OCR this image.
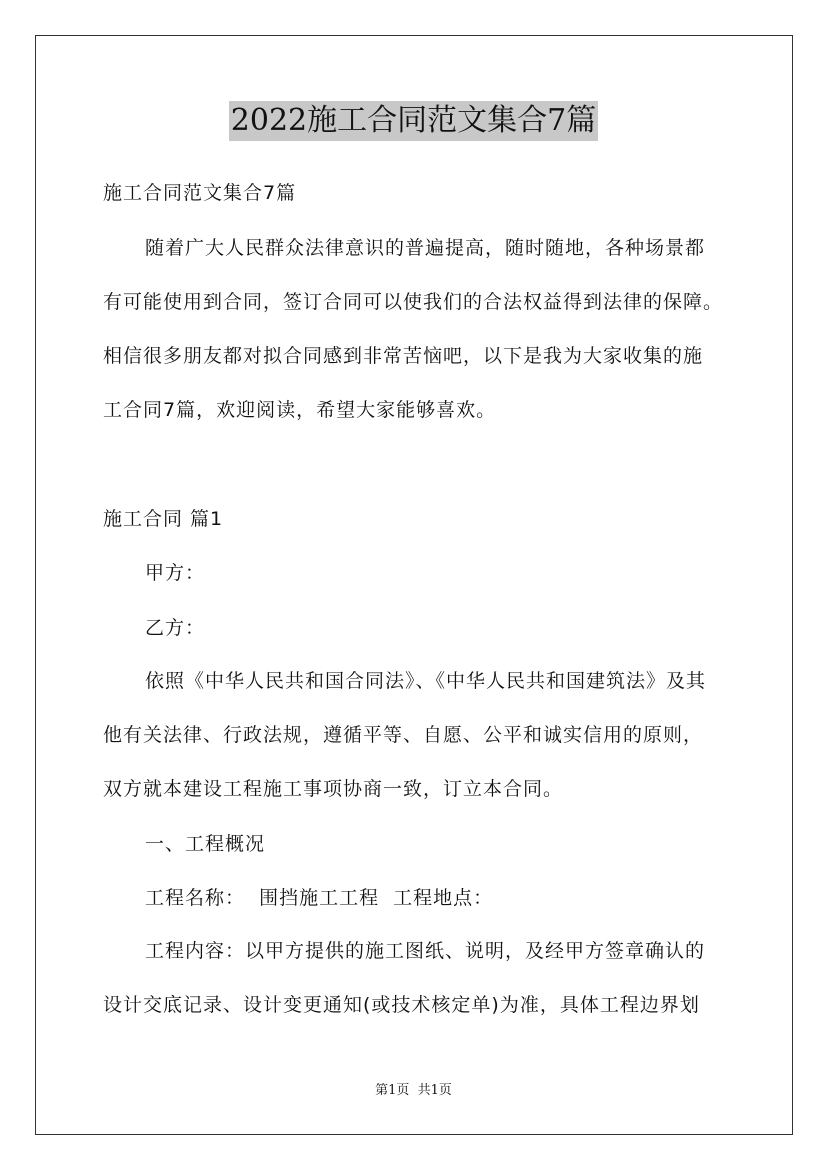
2022施工合同范文集合7篇
施工合同范文集合7篇
随着广大人民群众法律意识的普遍提高，随时随地，各种场景都
有可能使用到合同，签订合同可以使我们的合法权益得到法律的保障。
相信很多朋友都对拟合同感到非常苦恼吧，以下是我为大家收集的施
工合同7篇，欢迎阅读，希望大家能够喜欢。
施工合同 篇1
甲方：
乙方：
依照《中华人民共和国合同法》、《中华人民共和国建筑法》及其
他有关法律、行政法规，遵循平等、自愿、公平和诚实信用的原则，
双方就本建设工程施工事项协商一致，订立本合同。
一、工程概况
工程名称：  围挡施工工程  工程地点：
工程内容：以甲方提供的施工图纸、说明，及经甲方签章确认的
设计交底记录、设计变更通知(或技术核定单)为准，具体工程边界划
第1页  共1页
